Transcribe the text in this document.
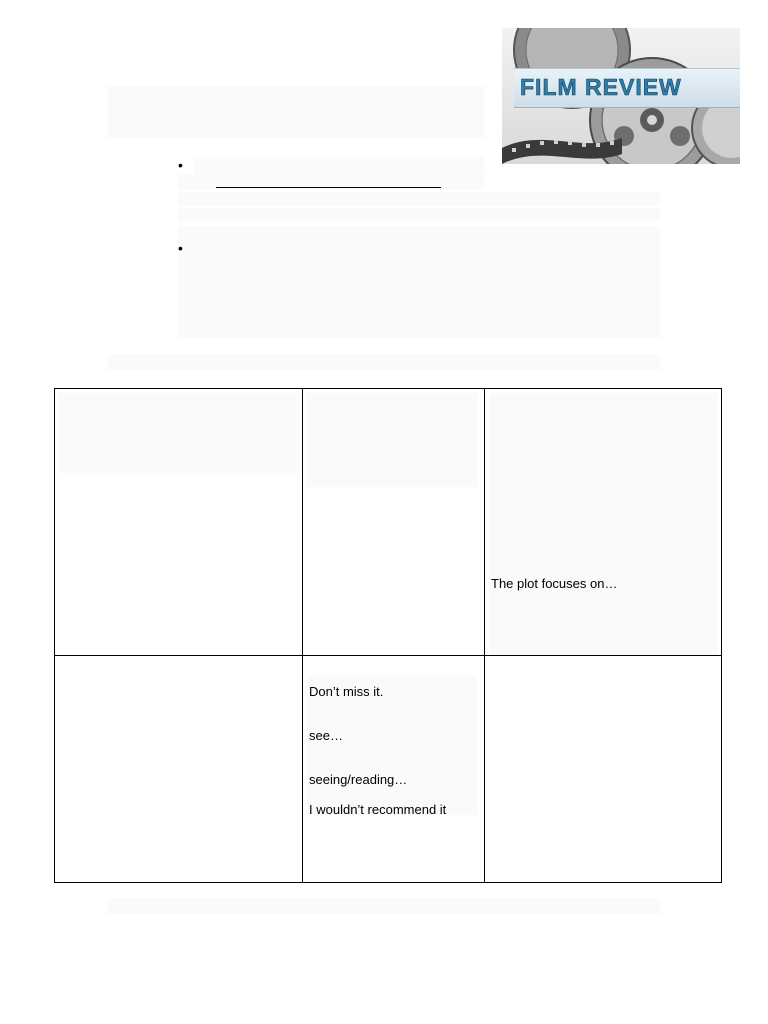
FILM REVIEW
•
•
The plot focuses on…
Don’t miss it.
see…
seeing/reading…
I wouldn’t recommend it
